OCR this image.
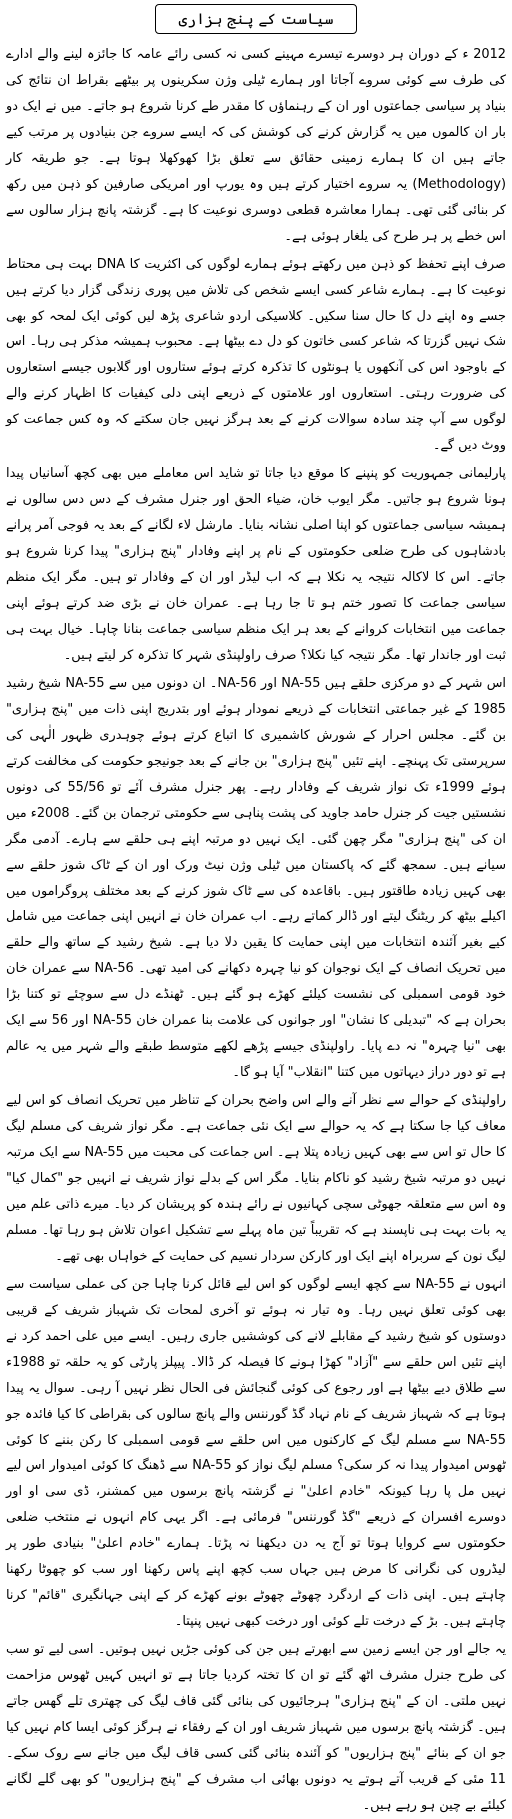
سیاست کے پنج ہزاری

2012 ء کے دوران ہر دوسرے تیسرے مہینے کسی نہ کسی رائے عامہ کا جائزہ لینے والے ادارے کی طرف سے کوئی سروے آجاتا اور ہمارے ٹیلی وژن سکرینوں پر بیٹھے بقراط ان نتائج کی بنیاد پر سیاسی جماعتوں اور ان کے رہنماؤں کا مقدر طے کرنا شروع ہو جاتے۔ میں نے ایک دو بار ان کالموں میں یہ گزارش کرنے کی کوشش کی کہ ایسے سروے جن بنیادوں پر مرتب کیے جاتے ہیں ان کا ہمارے زمینی حقائق سے تعلق بڑا کھوکھلا ہوتا ہے۔ جو طریقہ کار (Methodology) یہ سروے اختیار کرتے ہیں وہ یورپ اور امریکی صارفین کو ذہن میں رکھ کر بنائی گئی تھی۔ ہمارا معاشرہ قطعی دوسری نوعیت کا ہے۔ گزشتہ پانچ ہزار سالوں سے اس خطے پر ہر طرح کی یلغار ہوئی ہے۔

صرف اپنے تحفظ کو ذہن میں رکھتے ہوئے ہمارے لوگوں کی اکثریت کا DNA بہت ہی محتاط نوعیت کا ہے۔ ہمارے شاعر کسی ایسے شخص کی تلاش میں پوری زندگی گزار دیا کرتے ہیں جسے وہ اپنے دل کا حال سنا سکیں۔ کلاسیکی اردو شاعری پڑھ لیں کوئی ایک لمحہ کو بھی شک نہیں گزرتا کہ شاعر کسی خاتون کو دل دے بیٹھا ہے۔ محبوب ہمیشہ مذکر ہی رہا۔ اس کے باوجود اس کی آنکھوں یا ہونٹوں کا تذکرہ کرتے ہوئے ستاروں اور گلابوں جیسے استعاروں کی ضرورت رہتی۔ استعاروں اور علامتوں کے ذریعے اپنی دلی کیفیات کا اظہار کرنے والے لوگوں سے آپ چند سادہ سوالات کرنے کے بعد ہرگز نہیں جان سکتے کہ وہ کس جماعت کو ووٹ دیں گے۔

پارلیمانی جمہوریت کو پنپنے کا موقع دیا جاتا تو شاید اس معاملے میں بھی کچھ آسانیاں پیدا ہونا شروع ہو جاتیں۔ مگر ایوب خان، ضیاء الحق اور جنرل مشرف کے دس دس سالوں نے ہمیشہ سیاسی جماعتوں کو اپنا اصلی نشانہ بنایا۔ مارشل لاء لگانے کے بعد یہ فوجی آمر پرانے بادشاہوں کی طرح ضلعی حکومتوں کے نام پر اپنے وفادار "پنج ہزاری" پیدا کرنا شروع ہو جاتے۔ اس کا لاکالہ نتیجہ یہ نکلا ہے کہ اب لیڈر اور ان کے وفادار تو ہیں۔ مگر ایک منظم سیاسی جماعت کا تصور ختم ہو تا جا رہا ہے۔ عمران خان نے بڑی ضد کرتے ہوئے اپنی جماعت میں انتخابات کروانے کے بعد ہر ایک منظم سیاسی جماعت بنانا چاہا۔ خیال بہت ہی ثبت اور جاندار تھا۔ مگر نتیجہ کیا نکلا؟ صرف راولپنڈی شہر کا تذکرہ کر لیتے ہیں۔

اس شہر کے دو مرکزی حلقے ہیں NA-55 اور NA-56۔ ان دونوں میں سے NA-55 شیخ رشید 1985 کے غیر جماعتی انتخابات کے ذریعے نمودار ہوئے اور بتدریج اپنی ذات میں "پنج ہزاری" بن گئے۔ مجلس احرار کے شورش کاشمیری کا اتباع کرتے ہوئے چوہدری ظہور الٰہی کی سرپرستی تک پہنچے۔ اپنے تئیں "پنج ہزاری" بن جانے کے بعد جونیجو حکومت کی مخالفت کرتے ہوئے 1999ء تک نواز شریف کے وفادار رہے۔ پھر جنرل مشرف آئے تو 55/56 کی دونوں نشستیں جیت کر جنرل حامد جاوید کی پشت پناہی سے حکومتی ترجمان بن گئے۔ 2008ء میں ان کی "پنج ہزاری" مگر چھن گئی۔ ایک نہیں دو مرتبہ اپنے ہی حلقے سے ہارے۔ آدمی مگر سیانے ہیں۔ سمجھ گئے کہ پاکستان میں ٹیلی وژن نیٹ ورک اور ان کے ٹاک شوز حلقے سے بھی کہیں زیادہ طاقتور ہیں۔ باقاعدہ کی سے ٹاک شوز کرنے کے بعد مختلف پروگراموں میں اکیلے بیٹھ کر ریٹنگ لیتے اور ڈالر کماتے رہے۔ اب عمران خان نے انہیں اپنی جماعت میں شامل کیے بغیر آئندہ انتخابات میں اپنی حمایت کا یقین دلا دیا ہے۔ شیخ رشید کے ساتھ والے حلقے میں تحریک انصاف کے ایک نوجوان کو نیا چہرہ دکھانے کی امید تھی۔ NA-56 سے عمران خان خود قومی اسمبلی کی نشست کیلئے کھڑے ہو گئے ہیں۔ ٹھنڈے دل سے سوچئے تو کتنا بڑا بحران ہے کہ "تبدیلی کا نشان" اور جوانوں کی علامت بنا عمران خان NA-55 اور 56 سے ایک بھی "نیا چہرہ" نہ دے پایا۔ راولپنڈی جیسے پڑھے لکھے متوسط طبقے والے شہر میں یہ عالم ہے تو دور دراز دیہاتوں میں کتنا "انقلاب" آیا ہو گا۔

راولپنڈی کے حوالے سے نظر آنے والے اس واضح بحران کے تناظر میں تحریک انصاف کو اس لیے معاف کیا جا سکتا ہے کہ یہ حوالے سے ایک نئی جماعت ہے۔ مگر نواز شریف کی مسلم لیگ کا حال تو اس سے بھی کہیں زیادہ پتلا ہے۔ اس جماعت کی محبت میں NA-55 سے ایک مرتبہ نہیں دو مرتبہ شیخ رشید کو ناکام بنایا۔ مگر اس کے بدلے نواز شریف نے انہیں جو "کمال کیا" وہ اس سے متعلقہ جھوٹی سچی کہانیوں نے رائے ہندہ کو پریشان کر دیا۔ میرے ذاتی علم میں یہ بات بہت ہی ناپسند ہے کہ تقریباً تین ماہ پہلے سے تشکیل اعوان تلاش ہو رہا تھا۔ مسلم لیگ نون کے سربراہ اپنے ایک اور کارکن سردار نسیم کی حمایت کے خواہاں بھی تھے۔

انہوں نے NA-55 سے کچھ ایسے لوگوں کو اس لیے قائل کرنا چاہا جن کی عملی سیاست سے بھی کوئی تعلق نہیں رہا۔ وہ تیار نہ ہوئے تو آخری لمحات تک شہباز شریف کے قریبی دوستوں کو شیخ رشید کے مقابلے لانے کی کوششیں جاری رہیں۔ ایسے میں علی احمد کرد نے اپنے تئیں اس حلقے سے "آزاد" کھڑا ہونے کا فیصلہ کر ڈالا۔ پیپلز پارٹی کو یہ حلقہ تو 1988ء سے طلاق دیے بیٹھا ہے اور رجوع کی کوئی گنجائش فی الحال نظر نہیں آ رہی۔ سوال یہ پیدا ہوتا ہے کہ شہباز شریف کے نام نہاد گڈ گورننس والے پانچ سالوں کی بقراطی کا کیا فائدہ جو NA-55 سے مسلم لیگ کے کارکنوں میں اس حلقے سے قومی اسمبلی کا رکن بننے کا کوئی ٹھوس امیدوار پیدا نہ کر سکی؟ مسلم لیگ نواز کو NA-55 سے ڈھنگ کا کوئی امیدوار اس لیے نہیں مل پا رہا کیونکہ "خادم اعلیٰ" نے گزشتہ پانچ برسوں میں کمشنر، ڈی سی او اور دوسرے افسران کے ذریعے "گڈ گورننس" فرمائی ہے۔ اگر یہی کام انہوں نے منتخب ضلعی حکومتوں سے کروایا ہوتا تو آج یہ دن دیکھنا نہ پڑتا۔ ہمارے "خادم اعلیٰ" بنیادی طور پر لیڈروں کی نگرانی کا مرض ہیں جہاں سب کچھ اپنے پاس رکھنا اور سب کو چھوٹا رکھنا چاہتے ہیں۔ اپنی ذات کے اردگرد چھوٹے چھوٹے بونے کھڑے کر کے اپنی جہانگیری "قائم" کرنا چاہتے ہیں۔ بڑ کے درخت تلے کوئی اور درخت کبھی نہیں پنپتا۔

یہ جالے اور جن ایسے زمین سے ابھرتے ہیں جن کی کوئی جڑیں نہیں ہوتیں۔ اسی لیے تو سب کی طرح جنرل مشرف اٹھ گئے تو ان کا تختہ کردیا جاتا ہے تو انہیں کہیں ٹھوس مزاحمت نہیں ملتی۔ ان کے "پنج ہزاری" ہرجائیوں کی بنائی گئی قاف لیگ کی چھتری تلے گھس جاتے ہیں۔ گزشتہ پانچ برسوں میں شہباز شریف اور ان کے رفقاء نے ہرگز کوئی ایسا کام نہیں کیا جو ان کے بنائے "پنج ہزاریوں" کو آئندہ بنائی گئی کسی قاف لیگ میں جانے سے روک سکے۔ 11 مئی کے قریب آتے ہوتے یہ دونوں بھائی اب مشرف کے "پنج ہزاریوں" کو بھی گلے لگانے کیلئے بے چین ہو رہے ہیں۔
